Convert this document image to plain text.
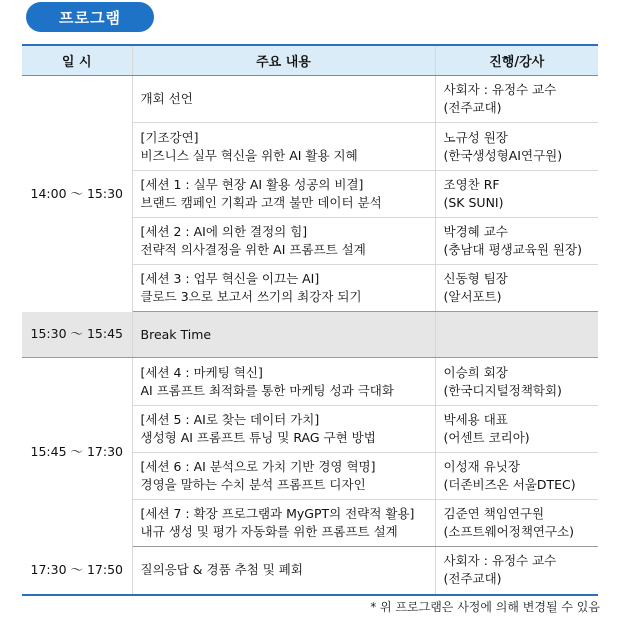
프로그램
일 시	주요 내용	진행/강사
14:00 ～ 15:30	개회 선언	사회자 : 유정수 교수
(전주교대)

	[기조강연]
비즈니스 실무 혁신을 위한 AI 활용 지혜	노규성 원장
(한국생성형AI연구원)

	[세션 1 : 실무 현장 AI 활용 성공의 비결]
브랜드 캠페인 기획과 고객 불만 데이터 분석	조영찬 RF
(SK SUNI)

	[세션 2 : AI에 의한 결정의 힘]
전략적 의사결정을 위한 AI 프롬프트 설계	박경혜 교수
(충남대 평생교육원 원장)

	[세션 3 : 업무 혁신을 이끄는 AI]
클로드 3으로 보고서 쓰기의 최강자 되기	신동형 팀장
(알서포트)

15:30 ～ 15:45	Break Time	

15:45 ～ 17:30	[세션 4 : 마케팅 혁신]
AI 프롬프트 최적화를 통한 마케팅 성과 극대화	이승희 회장
(한국디지털정책학회)

	[세션 5 : AI로 찾는 데이터 가치]
생성형 AI 프롬프트 튜닝 및 RAG 구현 방법	박세용 대표
(어센트 코리아)

	[세션 6 : AI 분석으로 가치 기반 경영 혁명]
경영을 말하는 수치 분석 프롬프트 디자인	이성재 유닛장
(더존비즈온 서울DTEC)

	[세션 7 : 확장 프로그램과 MyGPT의 전략적 활용]
내규 생성 및 평가 자동화를 위한 프롬프트 설계	김준연 책임연구원
(소프트웨어정책연구소)

17:30 ～ 17:50	질의응답 & 경품 추첨 및 폐회	사회자 : 유정수 교수
(전주교대)
* 위 프로그램은 사정에 의해 변경될 수 있음
